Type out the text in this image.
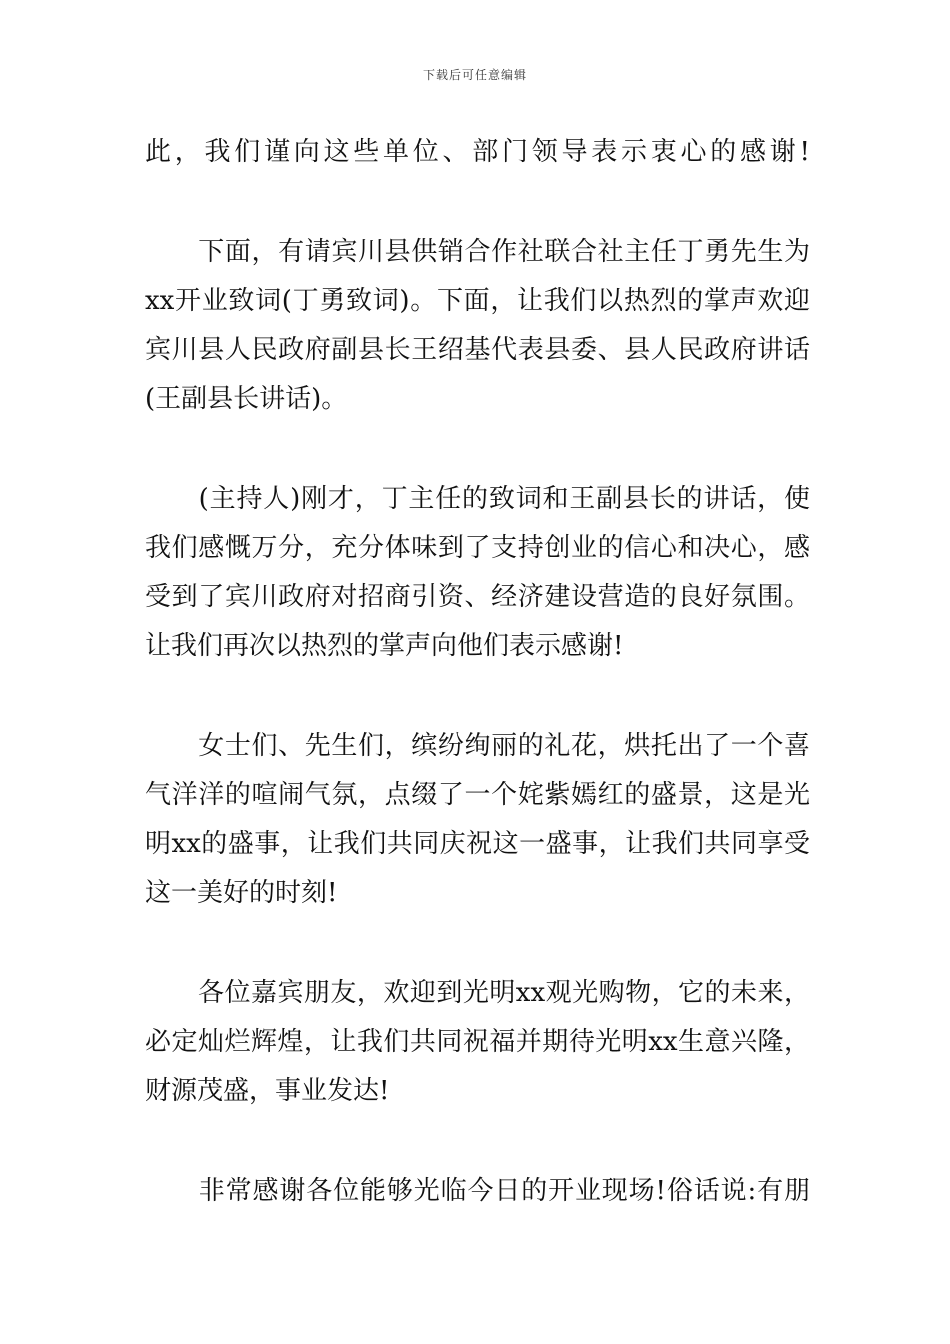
下载后可任意编辑
此，我们谨向这些单位、部门领导表示衷心的感谢!
　　下面，有请宾川县供销合作社联合社主任丁勇先生为
xx开业致词(丁勇致词)。下面，让我们以热烈的掌声欢迎
宾川县人民政府副县长王绍基代表县委、县人民政府讲话
(王副县长讲话)。
　　(主持人)刚才，丁主任的致词和王副县长的讲话，使
我们感慨万分，充分体味到了支持创业的信心和决心，感
受到了宾川政府对招商引资、经济建设营造的良好氛围。
让我们再次以热烈的掌声向他们表示感谢!
　　女士们、先生们，缤纷绚丽的礼花，烘托出了一个喜
气洋洋的喧闹气氛，点缀了一个姹紫嫣红的盛景，这是光
明xx的盛事，让我们共同庆祝这一盛事，让我们共同享受
这一美好的时刻!
　　各位嘉宾朋友，欢迎到光明xx观光购物，它的未来，
必定灿烂辉煌，让我们共同祝福并期待光明xx生意兴隆，
财源茂盛，事业发达!
　　非常感谢各位能够光临今日的开业现场!俗话说:有朋
